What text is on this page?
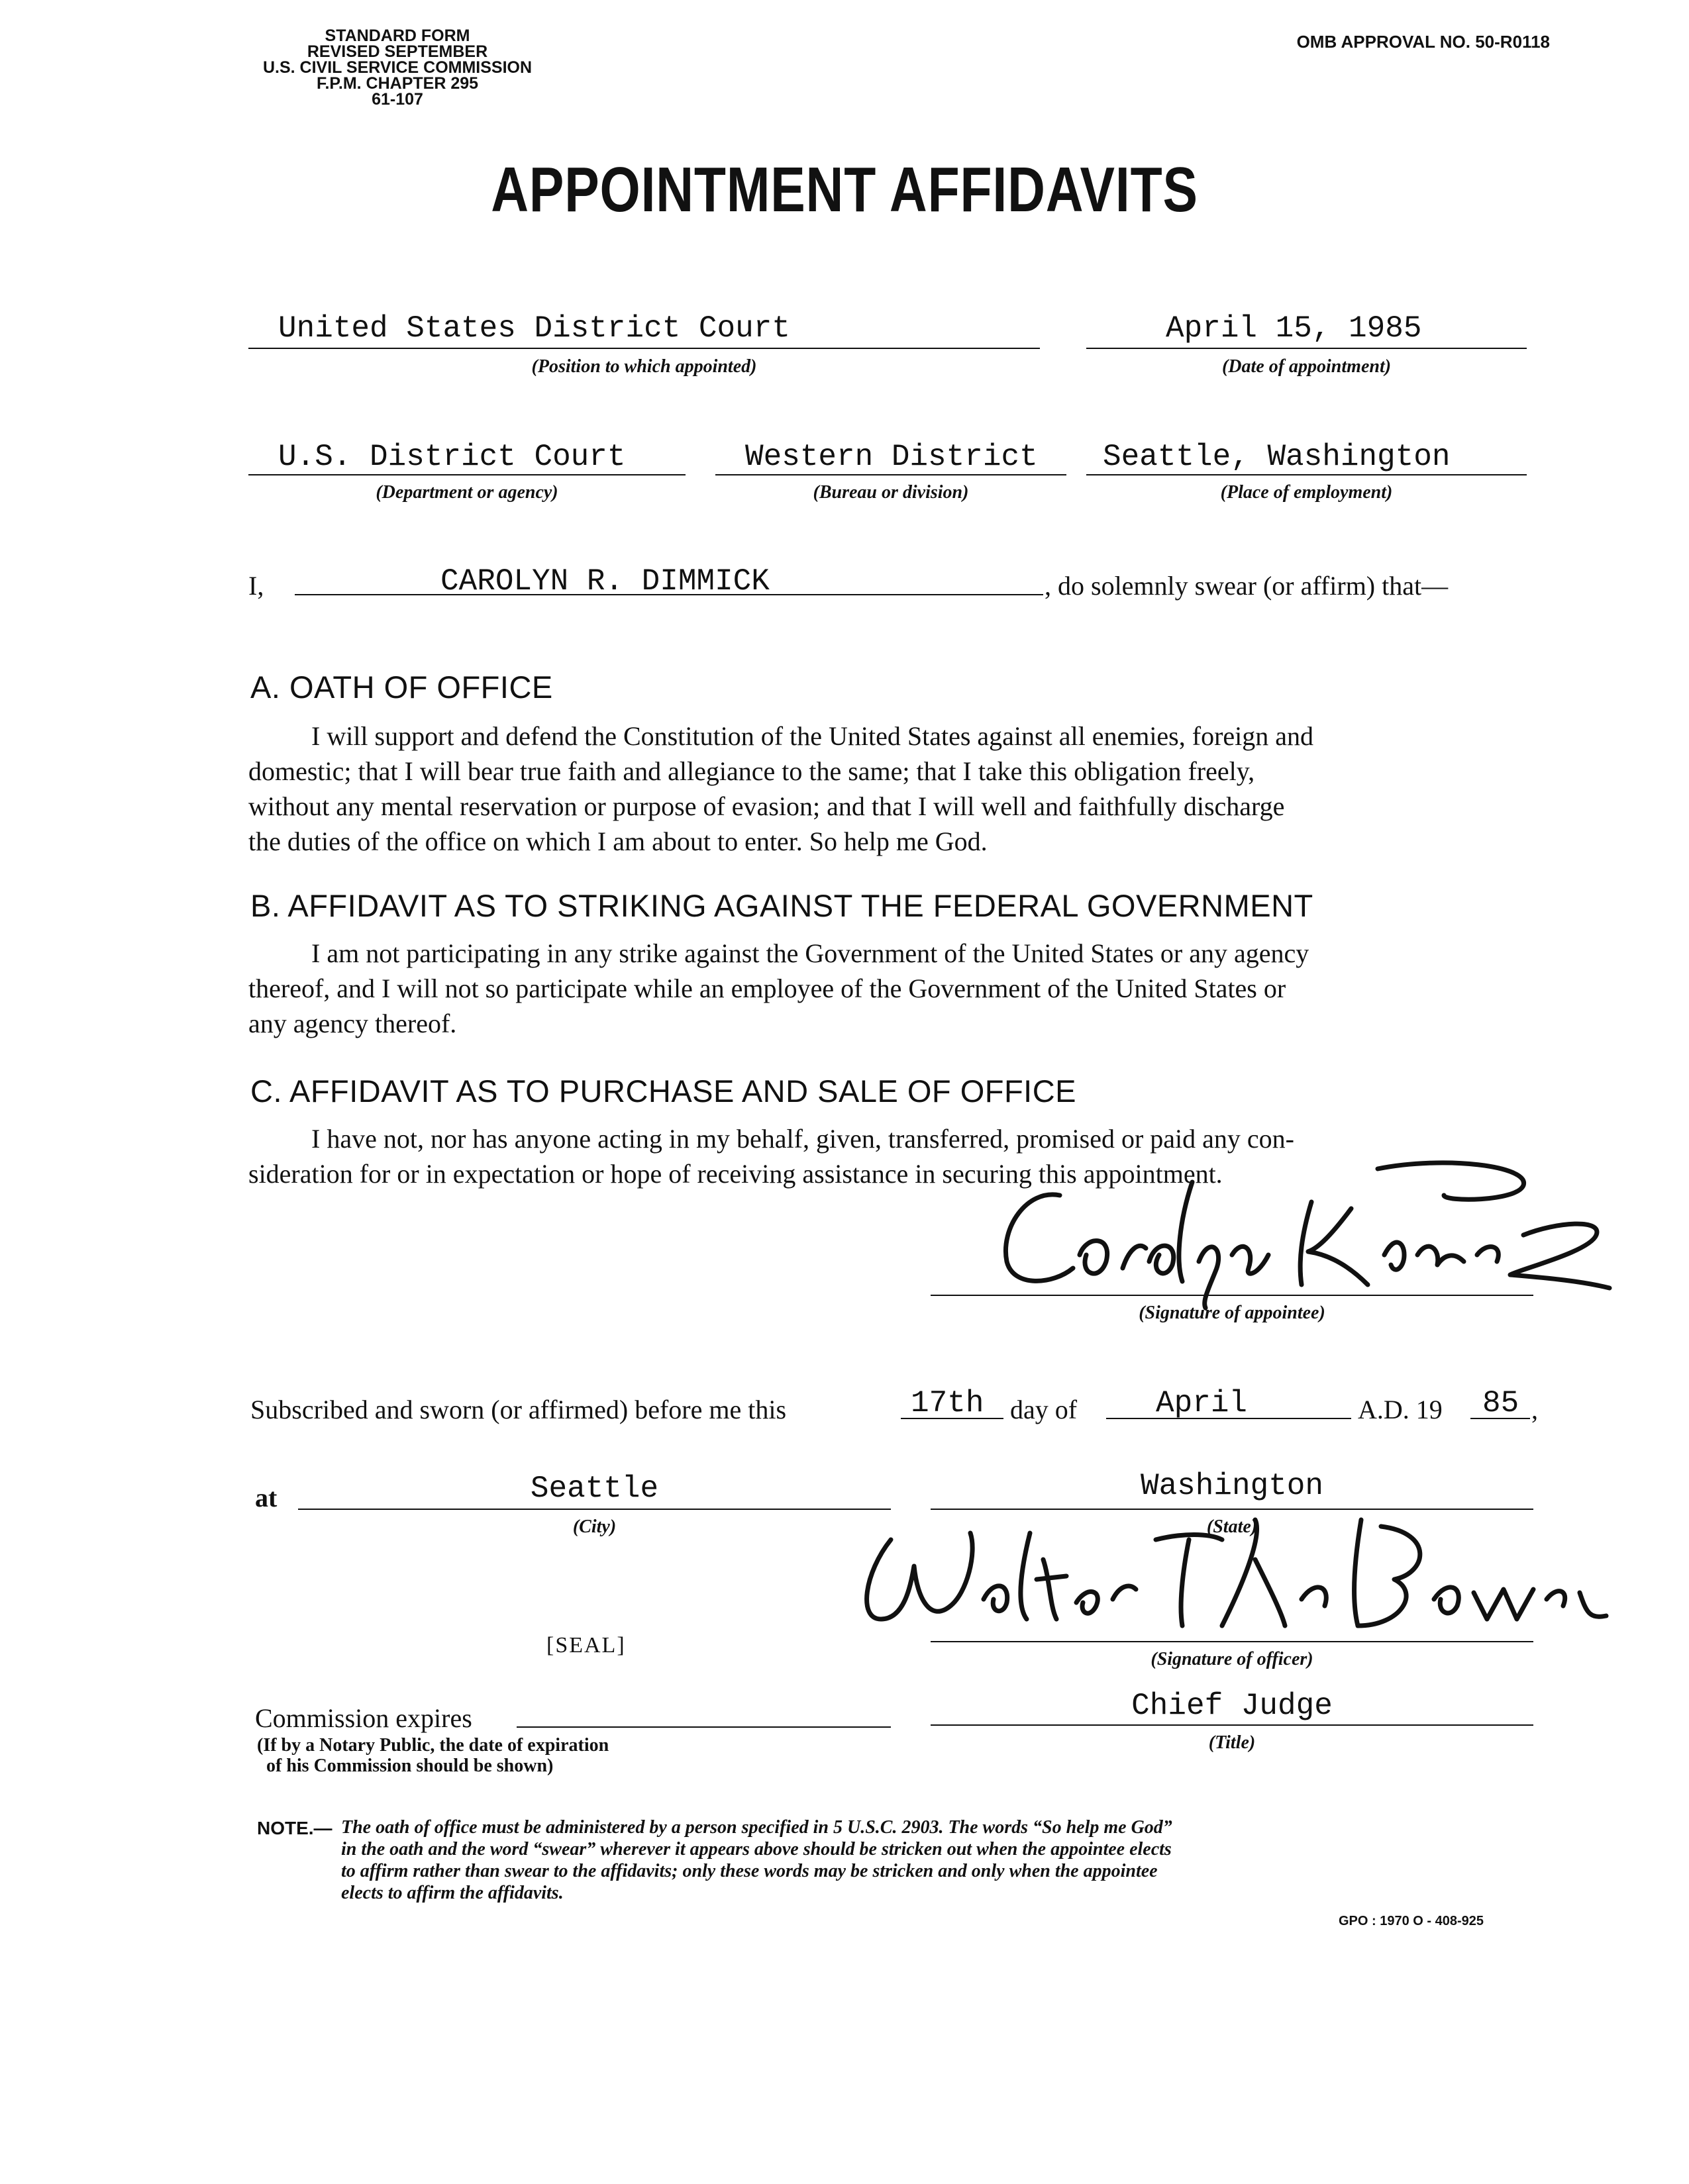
STANDARD FORM
REVISED SEPTEMBER
U.S. CIVIL SERVICE COMMISSION
F.P.M. CHAPTER 295
61-107
OMB APPROVAL NO. 50-R0118
APPOINTMENT AFFIDAVITS
United States District Court
(Position to which appointed)
April 15, 1985
(Date of appointment)
U.S. District Court
(Department or agency)
Western District
(Bureau or division)
Seattle, Washington
(Place of employment)
I,	CAROLYN R. DIMMICK	, do solemnly swear (or affirm) that—
A. OATH OF OFFICE
I will support and defend the Constitution of the United States against all enemies, foreign and
domestic; that I will bear true faith and allegiance to the same; that I take this obligation freely,
without any mental reservation or purpose of evasion; and that I will well and faithfully discharge
the duties of the office on which I am about to enter. So help me God.
B. AFFIDAVIT AS TO STRIKING AGAINST THE FEDERAL GOVERNMENT
I am not participating in any strike against the Government of the United States or any agency
thereof, and I will not so participate while an employee of the Government of the United States or
any agency thereof.
C. AFFIDAVIT AS TO PURCHASE AND SALE OF OFFICE
I have not, nor has anyone acting in my behalf, given, transferred, promised or paid any con-
sideration for or in expectation or hope of receiving assistance in securing this appointment.
(Signature of appointee)
Subscribed and sworn (or affirmed) before me this	17th day of	April	A.D. 19 85 ,
at	Seattle
(City)
Washington
(State)
[SEAL]
(Signature of officer)
Commission expires
(If by a Notary Public, the date of expiration
of his Commission should be shown)
Chief Judge
(Title)
NOTE.— The oath of office must be administered by a person specified in 5 U.S.C. 2903. The words “So help me God”
in the oath and the word “swear” wherever it appears above should be stricken out when the appointee elects
to affirm rather than swear to the affidavits; only these words may be stricken and only when the appointee
elects to affirm the affidavits.
GPO : 1970 O - 408-925
